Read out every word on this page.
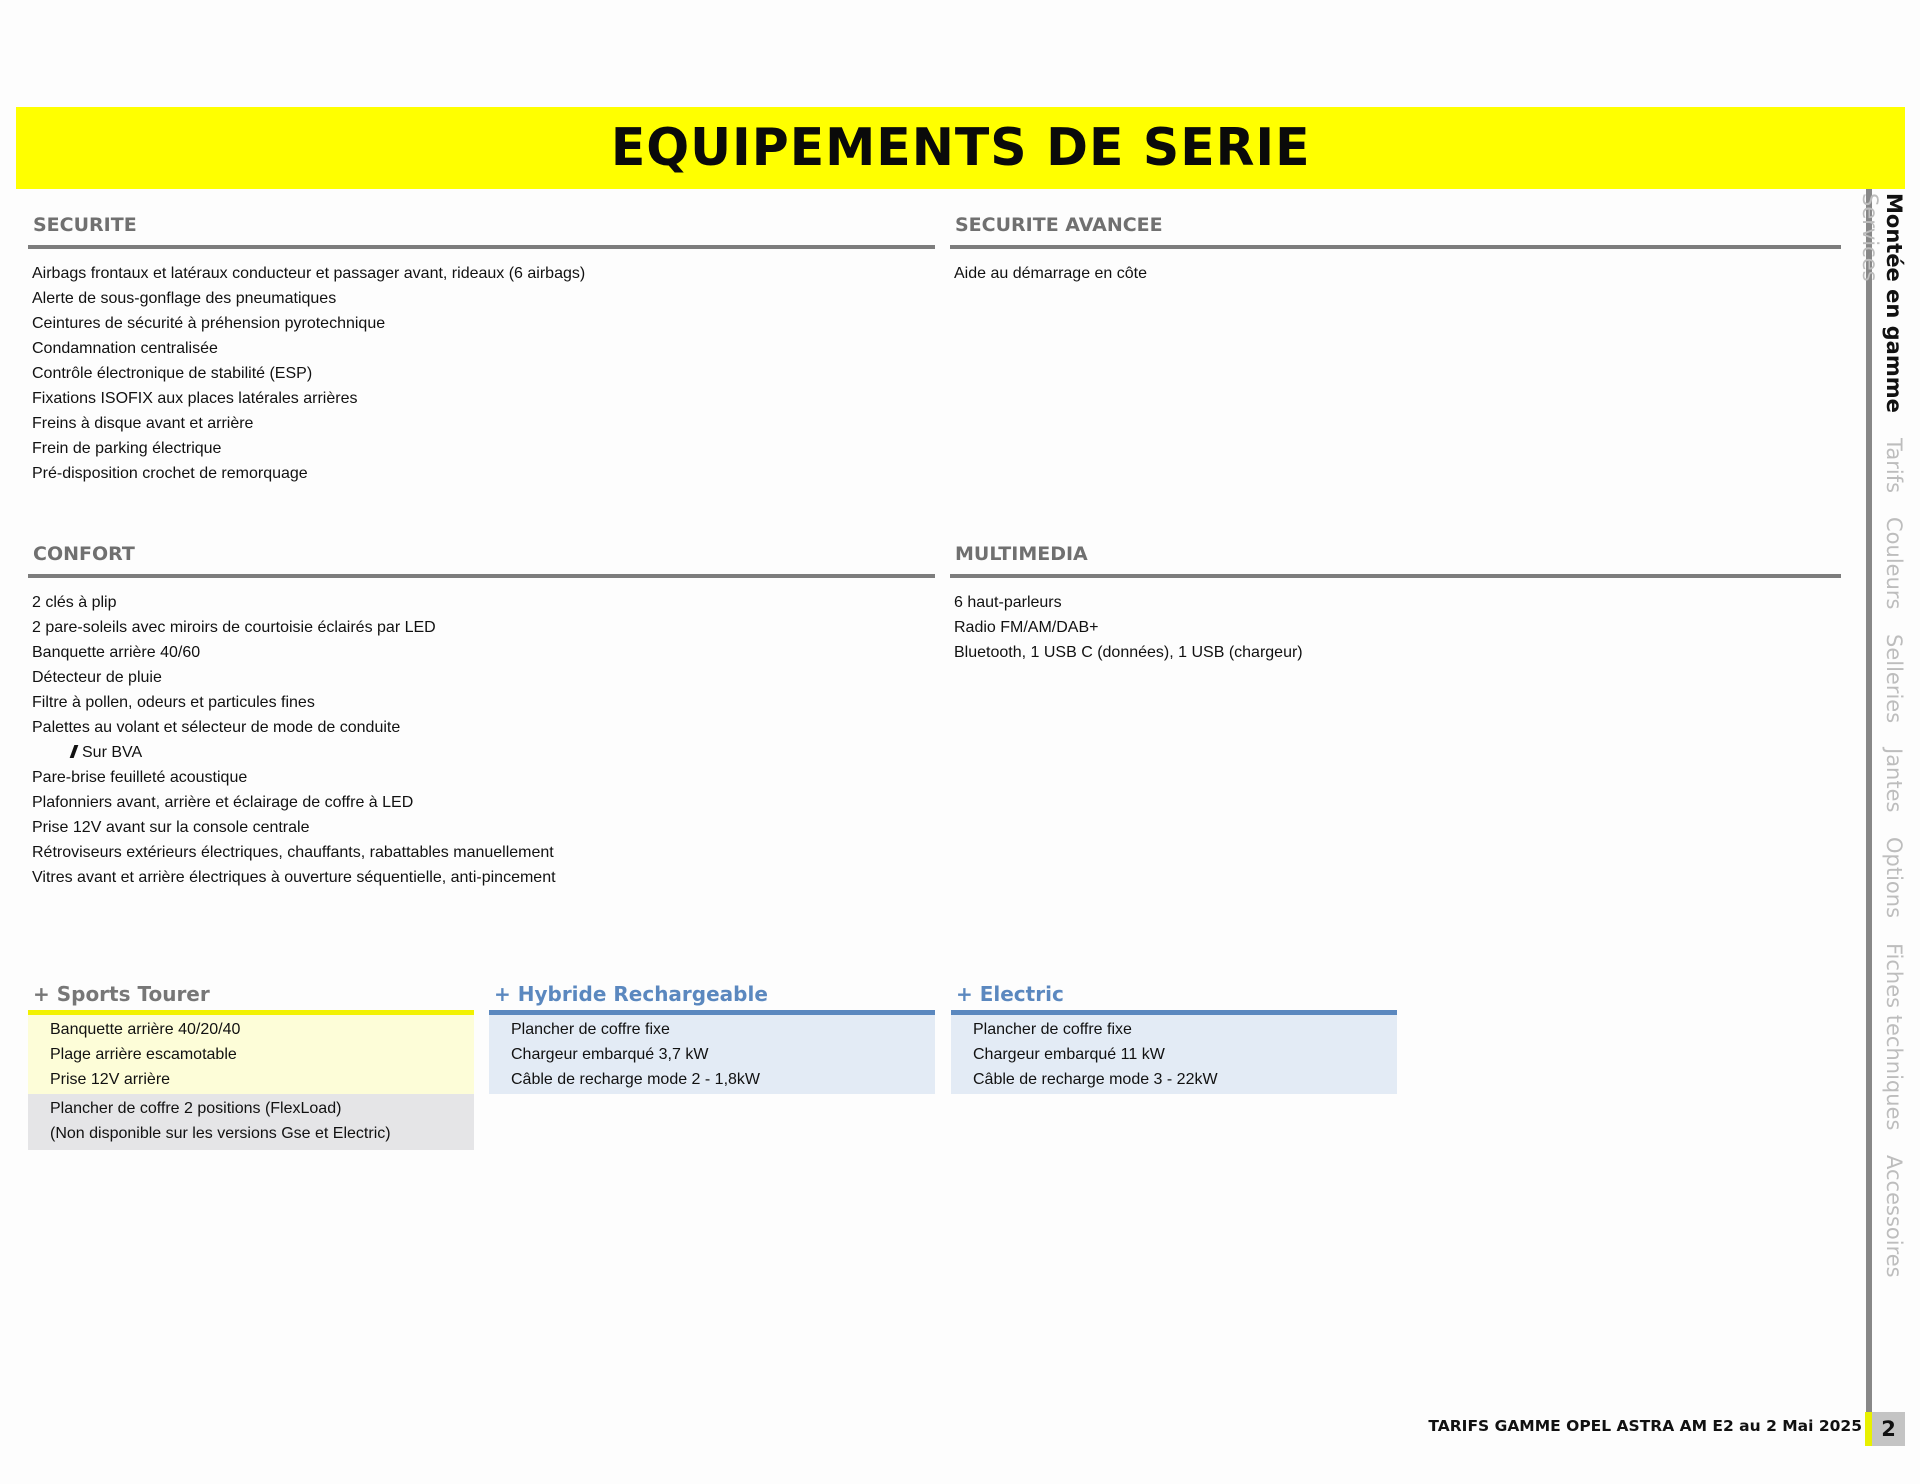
EQUIPEMENTS DE SERIE
SECURITE
Airbags frontaux et latéraux conducteur et passager avant, rideaux (6 airbags)
Alerte de sous-gonflage des pneumatiques
Ceintures de sécurité à préhension pyrotechnique
Condamnation centralisée
Contrôle électronique de stabilité (ESP)
Fixations ISOFIX aux places latérales arrières
Freins à disque avant et arrière
Frein de parking électrique
Pré-disposition crochet de remorquage
SECURITE AVANCEE
Aide au démarrage en côte
CONFORT
2 clés à plip
2 pare-soleils avec miroirs de courtoisie éclairés par LED
Banquette arrière 40/60
Détecteur de pluie
Filtre à pollen, odeurs et particules fines
Palettes au volant et sélecteur de mode de conduite
Sur BVA
Pare-brise feuilleté acoustique
Plafonniers avant, arrière et éclairage de coffre à LED
Prise 12V avant sur la console centrale
Rétroviseurs extérieurs électriques, chauffants, rabattables manuellement
Vitres avant et arrière électriques à ouverture séquentielle, anti-pincement
MULTIMEDIA
6 haut-parleurs
Radio FM/AM/DAB+
Bluetooth, 1 USB C (données), 1 USB (chargeur)
+ Sports Tourer
Banquette arrière 40/20/40
Plage arrière escamotable
Prise 12V arrière
Plancher de coffre 2 positions (FlexLoad)
(Non disponible sur les versions Gse et Electric)
+ Hybride Rechargeable
Plancher de coffre fixe
Chargeur embarqué 3,7 kW
Câble de recharge mode 2 - 1,8kW
+ Electric
Plancher de coffre fixe
Chargeur embarqué 11 kW
Câble de recharge mode 3 - 22kW
Montée en gamme Tarifs Couleurs Selleries Jantes Options Fiches techniques Accessoires Services
TARIFS GAMME OPEL ASTRA AM E2 au 2 Mai 2025 2
